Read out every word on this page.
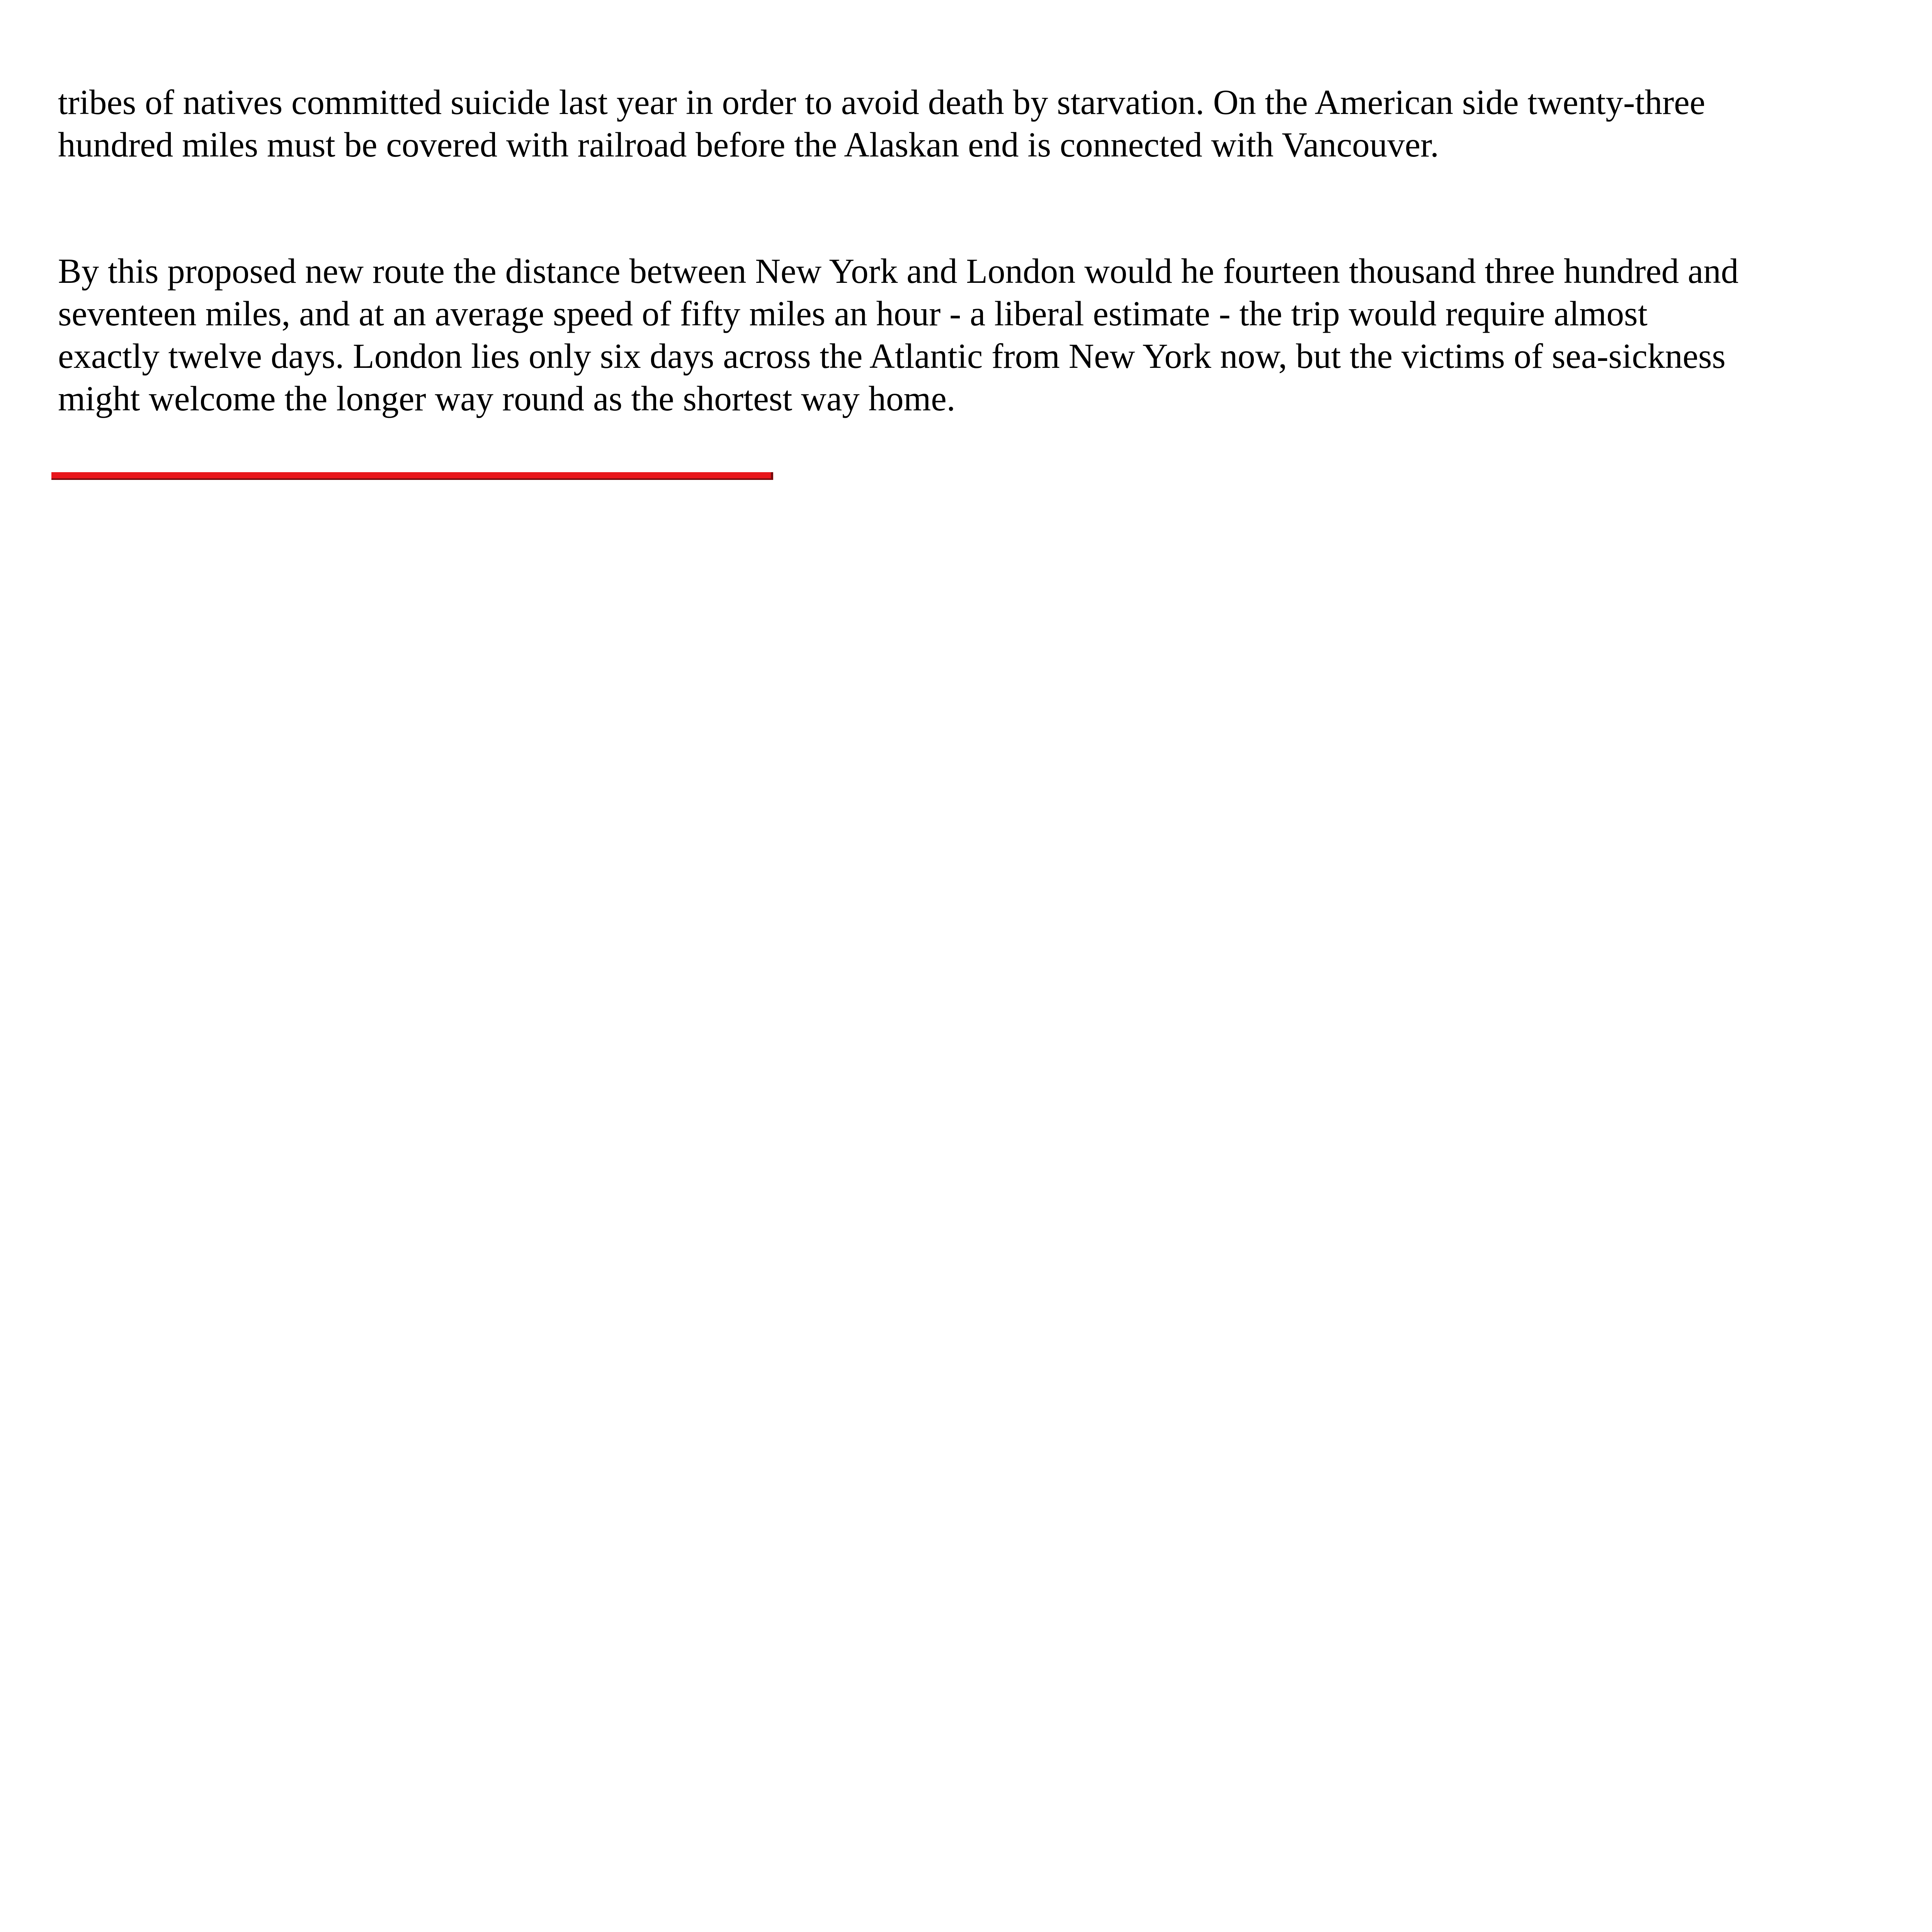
tribes of natives committed suicide last year in order to avoid death by starvation. On the American side twenty-three hundred miles must be covered with railroad before the Alaskan end is connected with Vancouver.

By this proposed new route the distance between New York and London would he fourteen thousand three hundred and seventeen miles, and at an average speed of fifty miles an hour - a liberal estimate - the trip would require almost exactly twelve days. London lies only six days across the Atlantic from New York now, but the victims of sea-sickness might welcome the longer way round as the shortest way home.
